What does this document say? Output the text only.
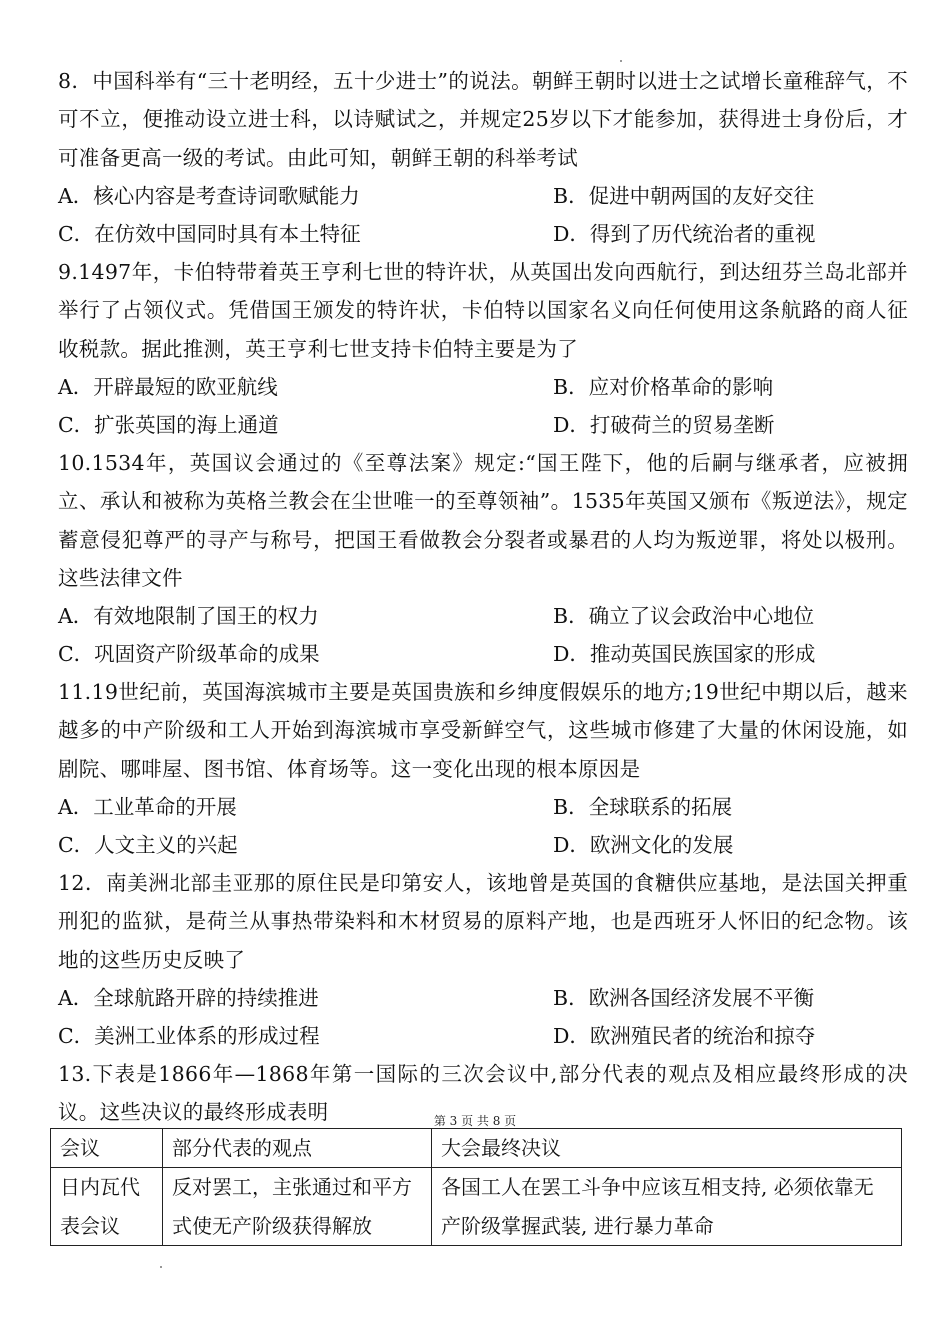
8．中国科举有“三十老明经，五十少进士”的说法。朝鲜王朝时以进士之试增长童稚辞气，不可不立，便推动设立进士科，以诗赋试之，并规定25岁以下才能参加，获得进士身份后，才可准备更高一级的考试。由此可知，朝鲜王朝的科举考试
A．核心内容是考查诗词歌赋能力	B．促进中朝两国的友好交往
C．在仿效中国同时具有本土特征	D．得到了历代统治者的重视
9.1497年，卡伯特带着英王亨利七世的特许状，从英国出发向西航行，到达纽芬兰岛北部并举行了占领仪式。凭借国王颁发的特许状，卡伯特以国家名义向任何使用这条航路的商人征收税款。据此推测，英王亨利七世支持卡伯特主要是为了
A．开辟最短的欧亚航线	B．应对价格革命的影响
C．扩张英国的海上通道	D．打破荷兰的贸易垄断
10.1534年，英国议会通过的《至尊法案》规定:“国王陛下，他的后嗣与继承者，应被拥立、承认和被称为英格兰教会在尘世唯一的至尊领袖”。1535年英国又颁布《叛逆法》，规定蓄意侵犯尊严的寻产与称号，把国王看做教会分裂者或暴君的人均为叛逆罪，将处以极刑。这些法律文件
A．有效地限制了国王的权力	B．确立了议会政治中心地位
C．巩固资产阶级革命的成果	D．推动英国民族国家的形成
11.19世纪前，英国海滨城市主要是英国贵族和乡绅度假娱乐的地方;19世纪中期以后，越来越多的中产阶级和工人开始到海滨城市享受新鲜空气，这些城市修建了大量的休闲设施，如剧院、哪啡屋、图书馆、体育场等。这一变化出现的根本原因是
A．工业革命的开展	B．全球联系的拓展
C．人文主义的兴起	D．欧洲文化的发展
12．南美洲北部圭亚那的原住民是印第安人，该地曾是英国的食糖供应基地，是法国关押重刑犯的监狱，是荷兰从事热带染料和木材贸易的原料产地，也是西班牙人怀旧的纪念物。该地的这些历史反映了
A．全球航路开辟的持续推进	B．欧洲各国经济发展不平衡
C．美洲工业体系的形成过程	D．欧洲殖民者的统治和掠夺
13.下表是1866年—1868年第一国际的三次会议中,部分代表的观点及相应最终形成的决议。这些决议的最终形成表明	第 3 页 共 8 页
会议	部分代表的观点	大会最终决议
日内瓦代表会议	反对罢工，主张通过和平方式使无产阶级获得解放	各国工人在罢工斗争中应该互相支持, 必须依靠无产阶级掌握武装, 进行暴力革命
